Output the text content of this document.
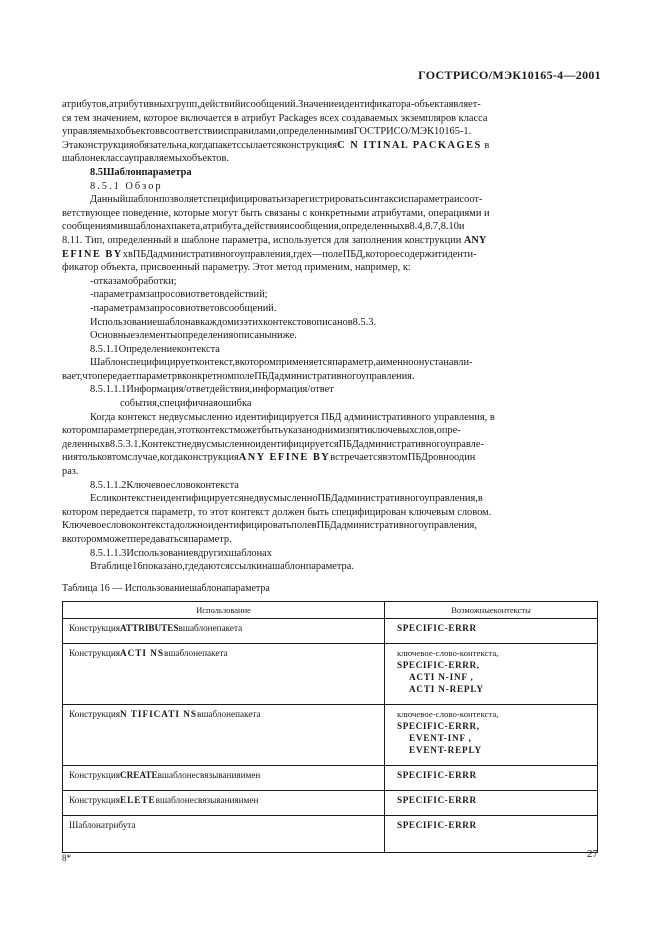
ГОСТРИСО/МЭК10165-4—2001

атрибутов,атрибутивныхгрупп,действийисообщений.Значениеидентификатора-объектаявляет-

ся тем значением, которое включается в атрибут Packages всех создаваемых экземпляров класса

управляемыхобъектоввсоответствиисправилами,определеннымивГОСТРИСО/МЭК10165-1.

Этаконструкцияобязательна,когдапакетссылаетсяконструкцияC N ITINAL PACKAGES в

шаблонеклассауправляемыхобъектов.

8.5Шаблонпараметра

8.5.1 Обзор

Данныйшаблонпозволяетспецифицироватьизарегистрироватьсинтаксиспараметраисоот-

ветствующее поведение, которые могут быть связаны с конкретными атрибутами, операциями и

сообщениямившаблонахпакета,атрибута,действияисообщения,определенныхв8.4,8.7,8.10и

8.11. Тип, определенный в шаблоне параметра, используется для заполнения конструкции ANY

EFINE BYхвПБДадминистративногоуправления,гдех—полеПБД,котороесодержитиденти-

фикатор объекта, присвоенный параметру. Этот метод применим, например, к:

-отказамобработки;

-параметрамзапросовиответовдействий;

-параметрамзапросовиответовсообщений.

Использованиешаблонавкаждомизэтихконтекстовописанов8.5.3.

Основныеэлементыопределенияописаныниже.

8.5.1.1Определениеконтекста

Шаблонспецифицируетконтекст,вкоторомприменяетсяпараметр,аименноонустанавли-

вает,чтопередаетпараметрвконкретномполеПБДадминистративногоуправления.

8.5.1.1.1Информация/ответдействия,информация/ответ

события,специфичнаяошибка

Когда контекст недвусмысленно идентифицируется ПБД административного управления, в

которомпараметрпередан,этотконтекстможетбытьуказаноднимизпятиключевыхслов,опре-

деленныхв8.5.3.1.КонтекстнедвусмысленноидентифицируетсяПБДадминистративногоуправле-

ниятольковтомслучае,когдаконструкцияANY EFINE BYвстречаетсявэтомПБДровноодин

раз.

8.5.1.1.2Ключевоесловоконтекста

ЕсликонтекстнеидентифицируетсянедвусмысленноПБДадминистративногоуправления,в

котором передается параметр, то этот контекст должен быть специфицирован ключевым словом.

КлючевоесловоконтекстадолжноидентифицироватьполевПБДадминистративногоуправления,

вкоторомможетпередаватьсяпараметр.

8.5.1.1.3Использованиевдругихшаблонах

Втаблице16показано,гдедаютсяссылкинашаблонпараметра.

Таблица 16 — Использованиешаблонапараметра

Использование	Возможныеконтексты
КонструкцияATTRIBUTESвшаблонепакета	SPECIFIC-ERRR

КонструкцияACTI NSвшаблонепакета	ключевое-слово-контекста,
SPECIFIC-ERRR,
ACTI N-INF ,
ACTI N-REPLY

КонструкцияN TIFICATI NSвшаблонепакета	ключевое-слово-контекста,
SPECIFIC-ERRR,
EVENT-INF ,
EVENT-REPLY

КонструкцияCREATEвшаблонесвязыванияимен	SPECIFIC-ERRR

КонструкцияELETEвшаблонесвязыванияимен	SPECIFIC-ERRR

Шаблонатрибута	SPECIFIC-ERRR
8*	27
